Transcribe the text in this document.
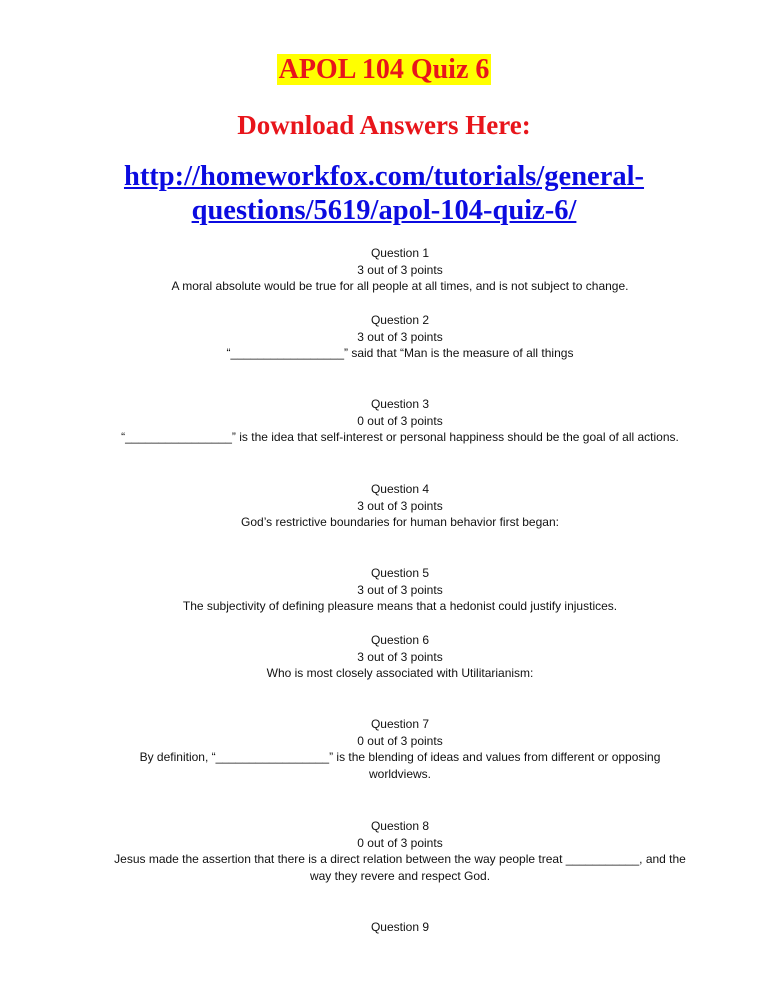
APOL 104 Quiz 6
Download Answers Here:
http://homeworkfox.com/tutorials/general-
questions/5619/apol-104-quiz-6/
Question 1
3 out of 3 points
A moral absolute would be true for all people at all times, and is not subject to change.
Question 2
3 out of 3 points
“_________________” said that “Man is the measure of all things
Question 3
0 out of 3 points
“________________” is the idea that self-interest or personal happiness should be the goal of all actions.
Question 4
3 out of 3 points
God’s restrictive boundaries for human behavior first began:
Question 5
3 out of 3 points
The subjectivity of defining pleasure means that a hedonist could justify injustices.
Question 6
3 out of 3 points
Who is most closely associated with Utilitarianism:
Question 7
0 out of 3 points
By definition, “_________________” is the blending of ideas and values from different or opposing
worldviews.
Question 8
0 out of 3 points
Jesus made the assertion that there is a direct relation between the way people treat ___________, and the
way they revere and respect God.
Question 9
